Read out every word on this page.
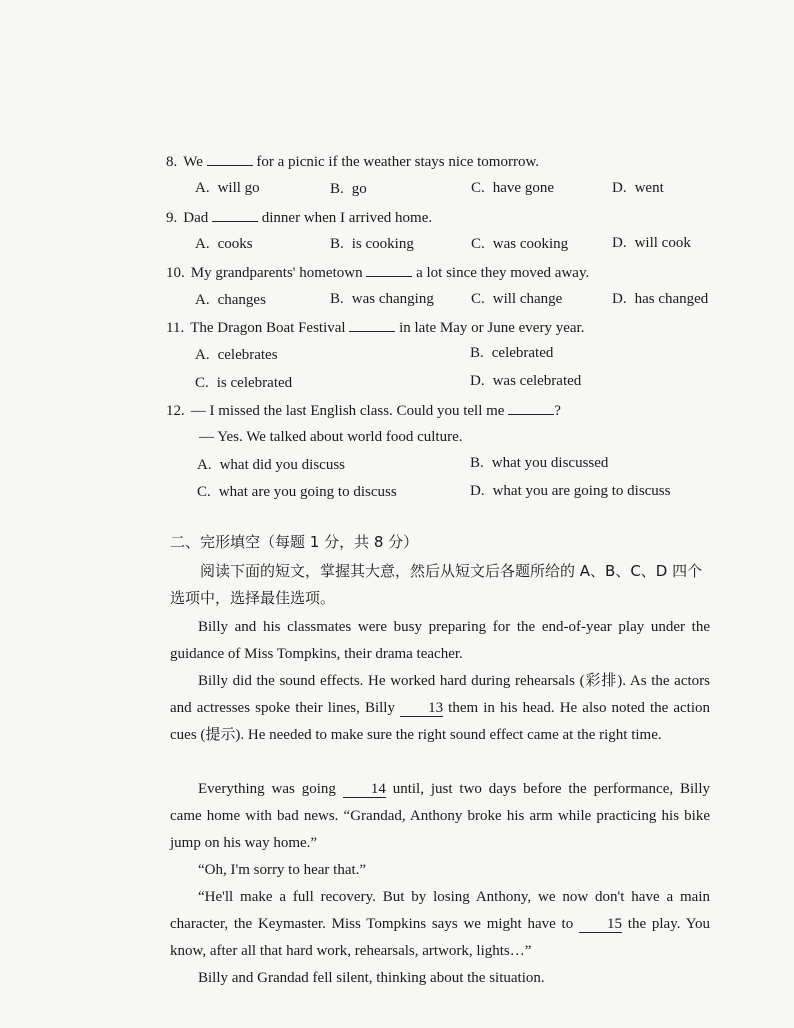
8. We	for a picnic if the weather stays nice tomorrow.
A. will go	B. go	C. have gone	D. went
9. Dad	dinner when I arrived home.
A. cooks	B. is cooking	C. was cooking	D. will cook
10. My grandparents' hometown	a lot since they moved away.
A. changes	B. was changing C. will change	D. has changed
11. The Dragon Boat Festival	in late May or June every year.
A. celebrates	B. celebrated
C. is celebrated	D. was celebrated
12. — I missed the last English class. Could you tell me	?
— Yes. We talked about world food culture.
A. what did you discuss	B. what you discussed
C. what are you going to discuss	D. what you are going to discuss
二、完形填空（每题 1 分，共 8 分）

阅读下面的短文，掌握其大意，然后从短文后各题所给的 A、B、C、D 四个选项中，选择最佳选项。

Billy and his classmates were busy preparing for the end-of-year play under the guidance of Miss Tompkins, their drama teacher.

Billy did the sound effects. He worked hard during rehearsals (彩排). As the actors and actresses spoke their lines, Billy 13 them in his head. He also noted the action cues (提示). He needed to make sure the right sound effect came at the right time.

Everything was going 14 until, just two days before the performance, Billy came home with bad news. “Grandad, Anthony broke his arm while practicing his bike jump on his way home.”

“Oh, I'm sorry to hear that.”

“He'll make a full recovery. But by losing Anthony, we now don't have a main character, the Keymaster. Miss Tompkins says we might have to 15 the play. You know, after all that hard work, rehearsals, artwork, lights…”

Billy and Grandad fell silent, thinking about the situation.
